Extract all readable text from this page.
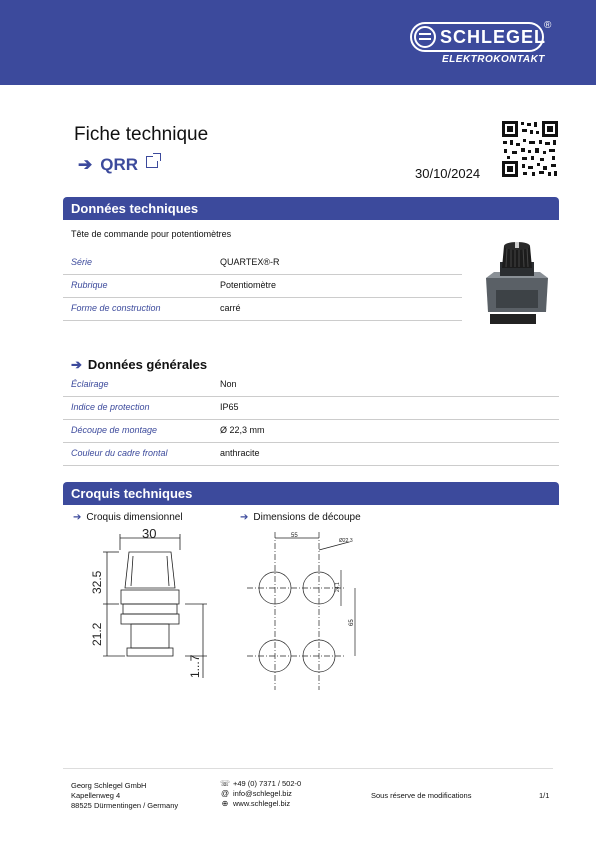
SCHLEGEL
®
ELEKTROKONTAKT
Fiche technique
➔ QRR	30/10/2024
Données techniques
Tête de commande pour potentiomètres
Série	QUARTEX®-R
Rubrique	Potentiomètre
Forme de construction	carré
➔ Données générales
Éclairage	Non
Indice de protection	IP65
Découpe de montage	Ø 22,3 mm
Couleur du cadre frontal	anthracite
Croquis techniques
➔ Croquis dimensionnel	➔ Dimensions de découpe
30
32.5
21.2
1...7
55
Ø22,3
24,1
65
Georg Schlegel GmbH
Kapellenweg 4
88525 Dürmentingen / Germany
☏ +49 (0) 7371 / 502-0
@ info@schlegel.biz
⊕ www.schlegel.biz
Sous réserve de modifications	1/1
